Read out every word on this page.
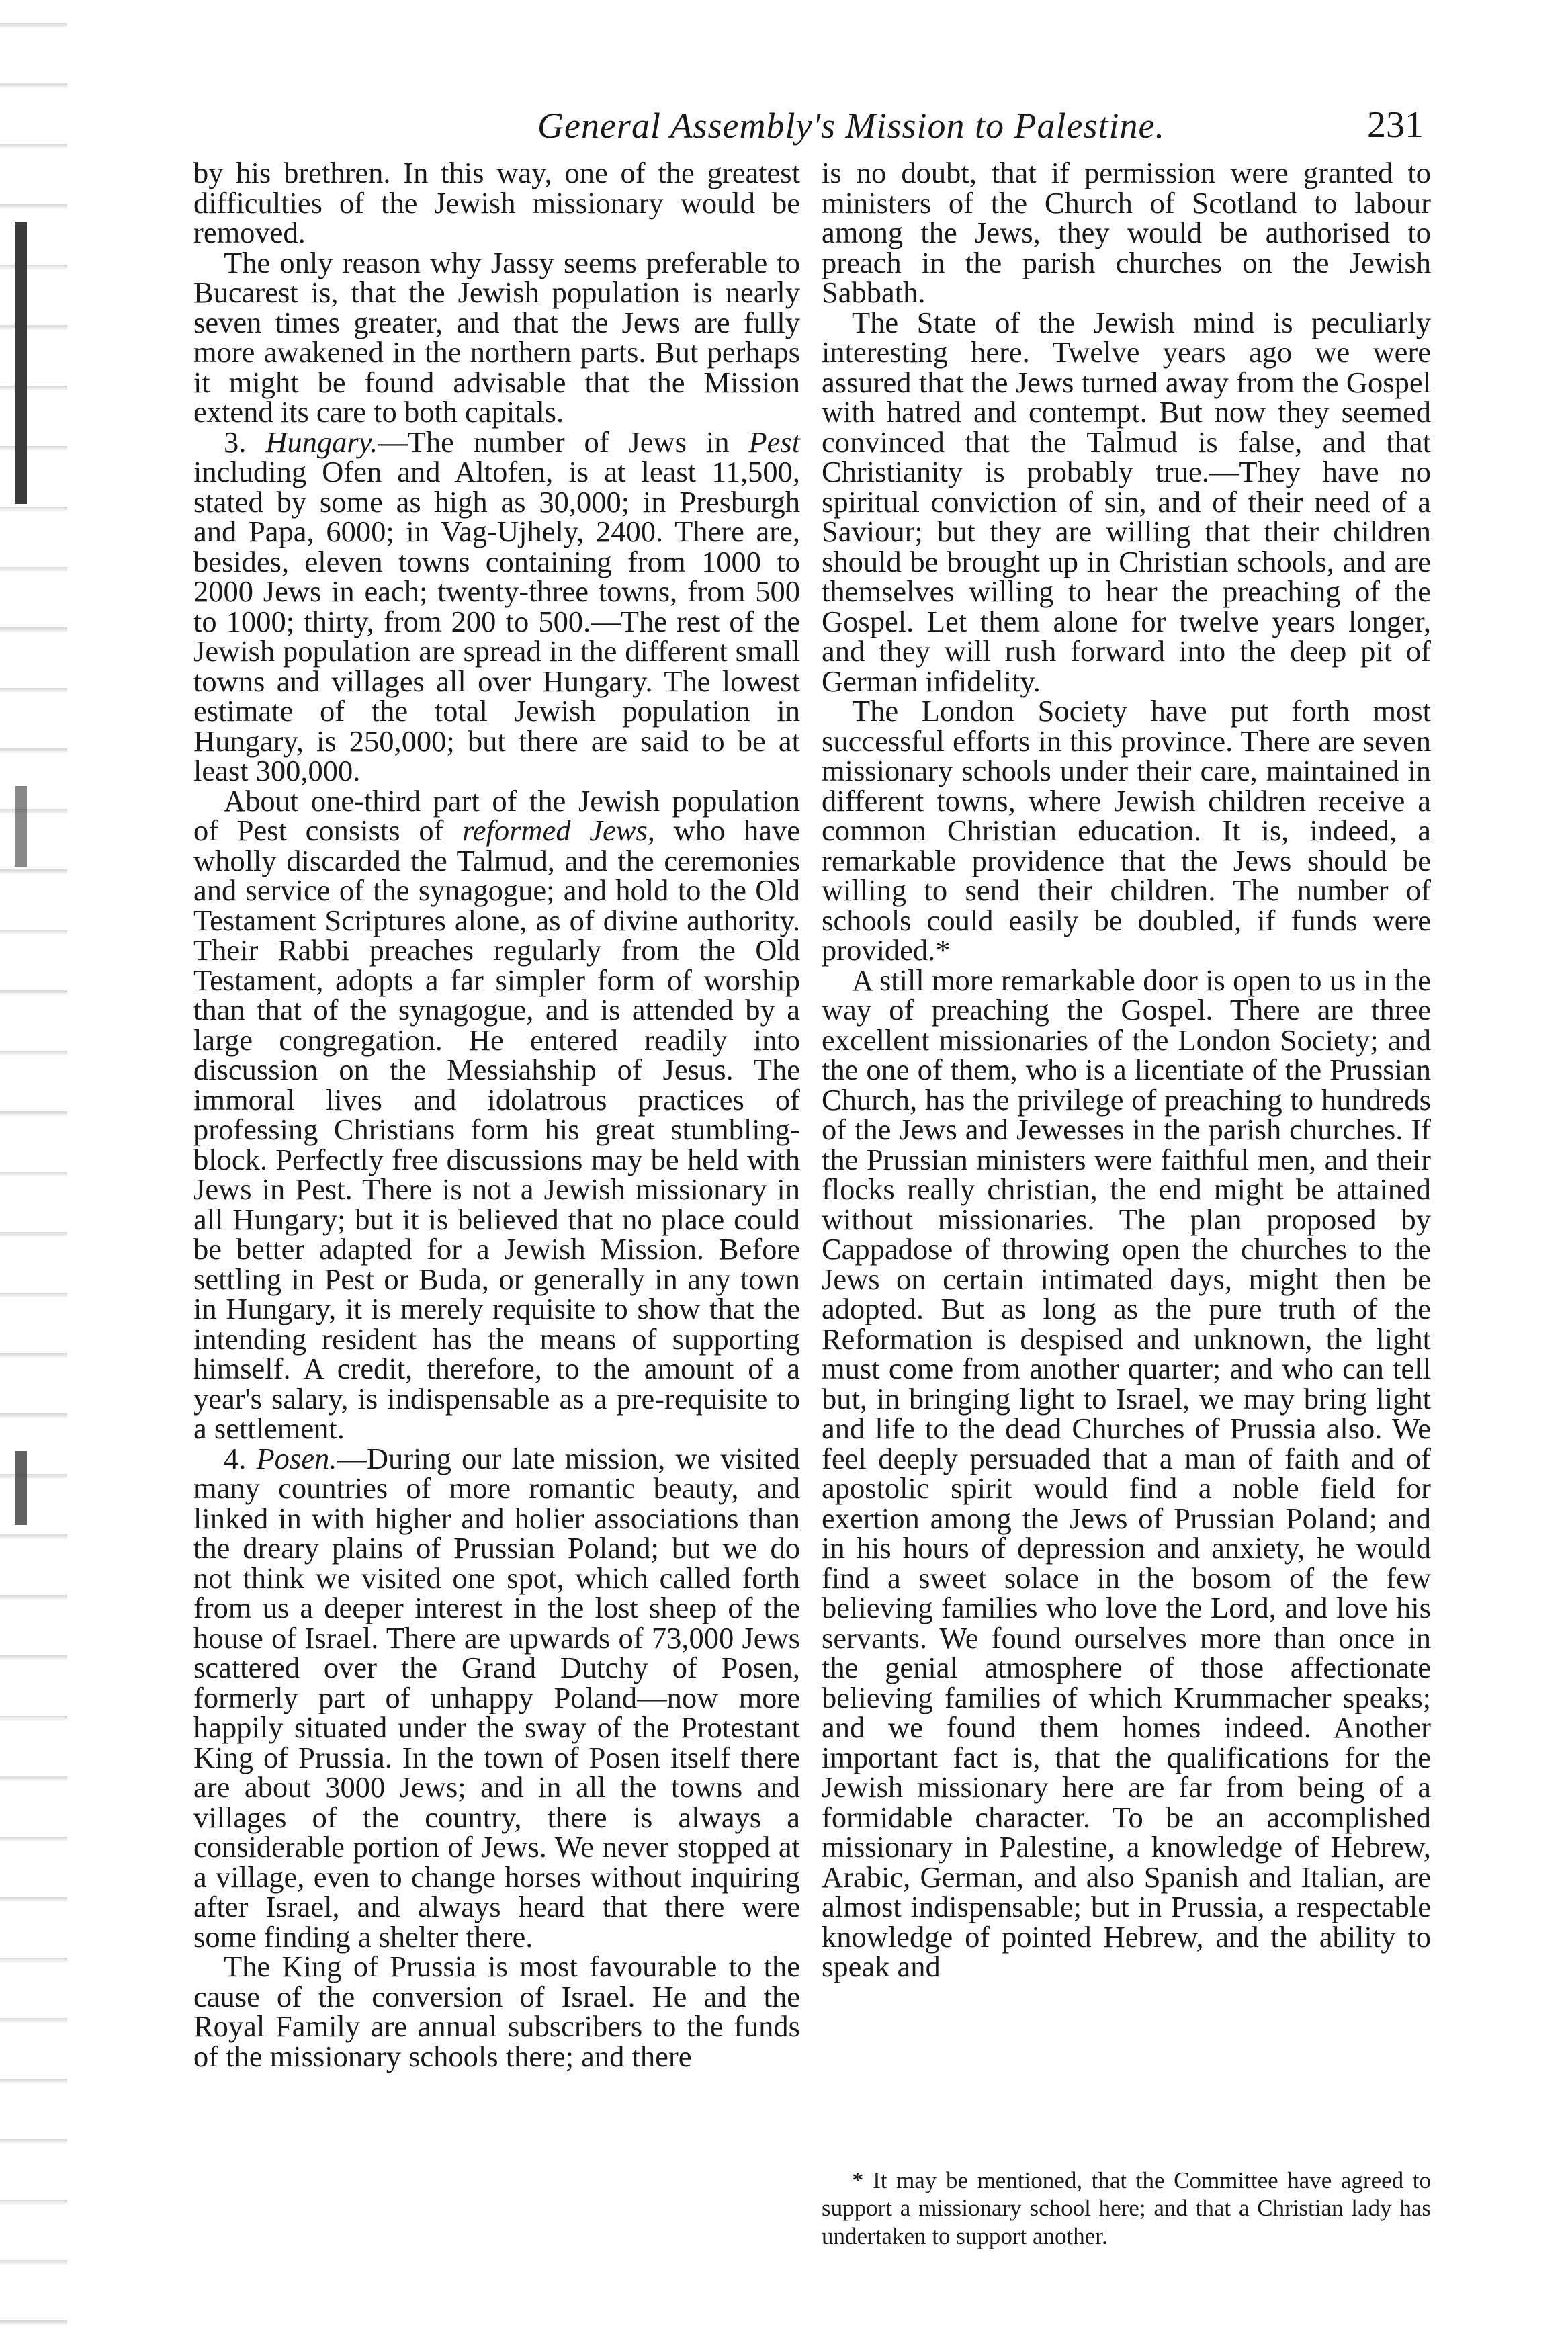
General Assembly's Mission to Palestine.	231

by his brethren. In this way, one of the greatest difficulties of the Jewish missionary would be removed.

The only reason why Jassy seems preferable to Bucarest is, that the Jewish population is nearly seven times greater, and that the Jews are fully more awakened in the northern parts. But perhaps it might be found advisable that the Mission extend its care to both capitals.

3. Hungary.—The number of Jews in Pest including Ofen and Altofen, is at least 11,500, stated by some as high as 30,000; in Presburgh and Papa, 6000; in Vag-Ujhely, 2400. There are, besides, eleven towns containing from 1000 to 2000 Jews in each; twenty-three towns, from 500 to 1000; thirty, from 200 to 500.—The rest of the Jewish population are spread in the different small towns and villages all over Hungary. The lowest estimate of the total Jewish population in Hungary, is 250,000; but there are said to be at least 300,000.

About one-third part of the Jewish population of Pest consists of reformed Jews, who have wholly discarded the Talmud, and the ceremonies and service of the synagogue; and hold to the Old Testament Scriptures alone, as of divine authority. Their Rabbi preaches regularly from the Old Testament, adopts a far simpler form of worship than that of the synagogue, and is attended by a large congregation. He entered readily into discussion on the Messiahship of Jesus. The immoral lives and idolatrous practices of professing Christians form his great stumbling-block. Perfectly free discussions may be held with Jews in Pest. There is not a Jewish missionary in all Hungary; but it is believed that no place could be better adapted for a Jewish Mission. Before settling in Pest or Buda, or generally in any town in Hungary, it is merely requisite to show that the intending resident has the means of supporting himself. A credit, therefore, to the amount of a year's salary, is indispensable as a pre-requisite to a settlement.

4. Posen.—During our late mission, we visited many countries of more romantic beauty, and linked in with higher and holier associations than the dreary plains of Prussian Poland; but we do not think we visited one spot, which called forth from us a deeper interest in the lost sheep of the house of Israel. There are upwards of 73,000 Jews scattered over the Grand Dutchy of Posen, formerly part of unhappy Poland—now more happily situated under the sway of the Protestant King of Prussia. In the town of Posen itself there are about 3000 Jews; and in all the towns and villages of the country, there is always a considerable portion of Jews. We never stopped at a village, even to change horses without inquiring after Israel, and always heard that there were some finding a shelter there.

The King of Prussia is most favourable to the cause of the conversion of Israel. He and the Royal Family are annual subscribers to the funds of the missionary schools there; and there

is no doubt, that if permission were granted to ministers of the Church of Scotland to labour among the Jews, they would be authorised to preach in the parish churches on the Jewish Sabbath.

The State of the Jewish mind is peculiarly interesting here. Twelve years ago we were assured that the Jews turned away from the Gospel with hatred and contempt. But now they seemed convinced that the Talmud is false, and that Christianity is probably true.—They have no spiritual conviction of sin, and of their need of a Saviour; but they are willing that their children should be brought up in Christian schools, and are themselves willing to hear the preaching of the Gospel. Let them alone for twelve years longer, and they will rush forward into the deep pit of German infidelity.

The London Society have put forth most successful efforts in this province. There are seven missionary schools under their care, maintained in different towns, where Jewish children receive a common Christian education. It is, indeed, a remarkable providence that the Jews should be willing to send their children. The number of schools could easily be doubled, if funds were provided.*

A still more remarkable door is open to us in the way of preaching the Gospel. There are three excellent missionaries of the London Society; and the one of them, who is a licentiate of the Prussian Church, has the privilege of preaching to hundreds of the Jews and Jewesses in the parish churches. If the Prussian ministers were faithful men, and their flocks really christian, the end might be attained without missionaries. The plan proposed by Cappadose of throwing open the churches to the Jews on certain intimated days, might then be adopted. But as long as the pure truth of the Reformation is despised and unknown, the light must come from another quarter; and who can tell but, in bringing light to Israel, we may bring light and life to the dead Churches of Prussia also. We feel deeply persuaded that a man of faith and of apostolic spirit would find a noble field for exertion among the Jews of Prussian Poland; and in his hours of depression and anxiety, he would find a sweet solace in the bosom of the few believing families who love the Lord, and love his servants. We found ourselves more than once in the genial atmosphere of those affectionate believing families of which Krummacher speaks; and we found them homes indeed. Another important fact is, that the qualifications for the Jewish missionary here are far from being of a formidable character. To be an accomplished missionary in Palestine, a knowledge of Hebrew, Arabic, German, and also Spanish and Italian, are almost indispensable; but in Prussia, a respectable knowledge of pointed Hebrew, and the ability to speak and

* It may be mentioned, that the Committee have agreed to support a missionary school here; and that a Christian lady has undertaken to support another.
